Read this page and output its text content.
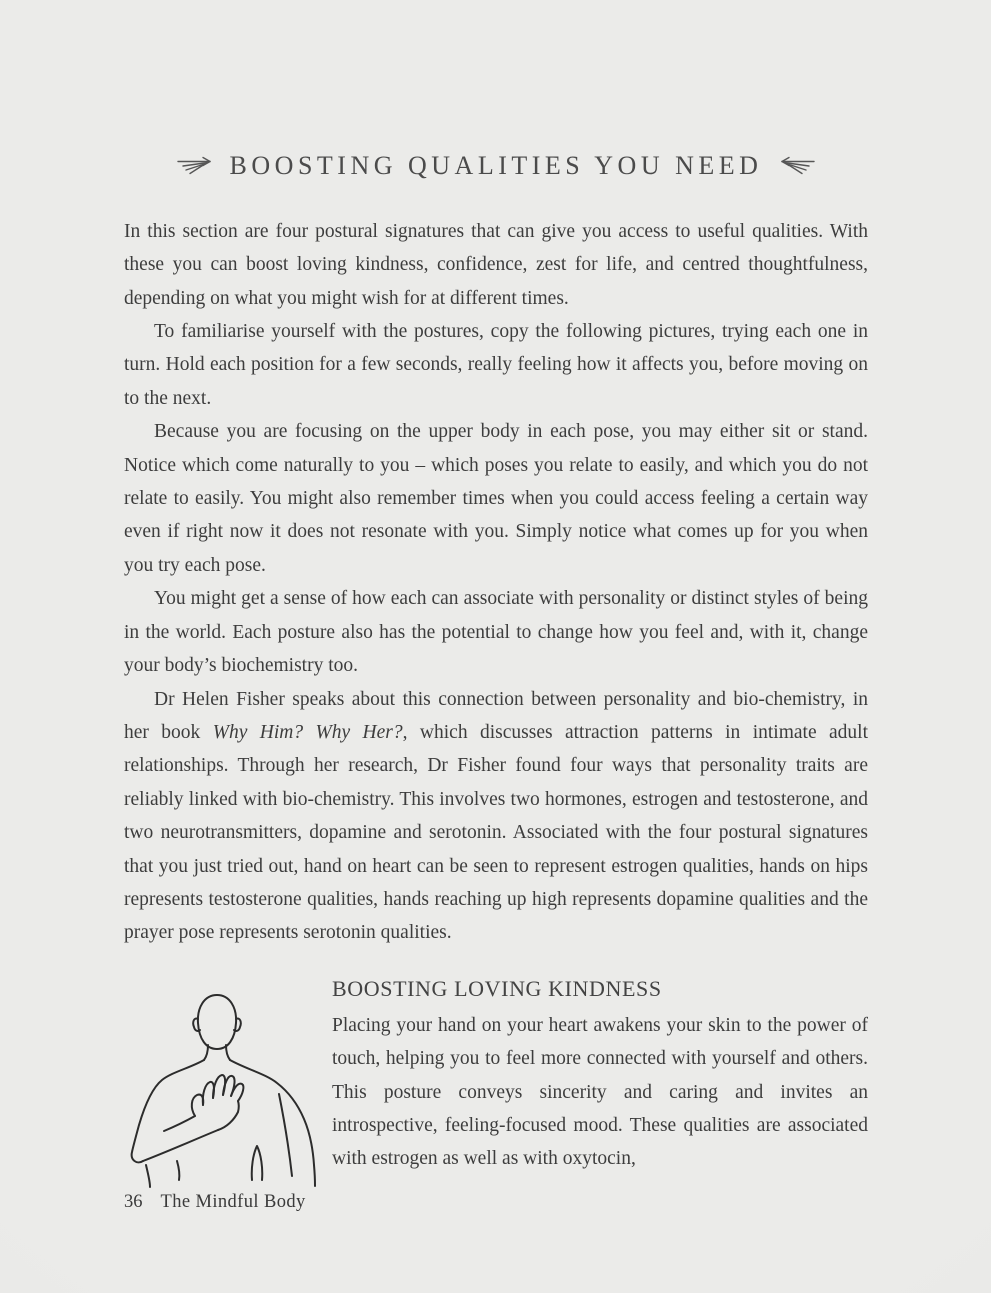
BOOSTING QUALITIES YOU NEED

In this section are four postural signatures that can give you access to useful qualities. With these you can boost loving kindness, confidence, zest for life, and centred thoughtfulness, depending on what you might wish for at different times.

To familiarise yourself with the postures, copy the following pictures, trying each one in turn. Hold each position for a few seconds, really feeling how it affects you, before moving on to the next.

Because you are focusing on the upper body in each pose, you may either sit or stand. Notice which come naturally to you – which poses you relate to easily, and which you do not relate to easily. You might also remember times when you could access feeling a certain way even if right now it does not resonate with you. Simply notice what comes up for you when you try each pose.

You might get a sense of how each can associate with personality or distinct styles of being in the world. Each posture also has the potential to change how you feel and, with it, change your body’s biochemistry too.

Dr Helen Fisher speaks about this connection between personality and bio-chemistry, in her book Why Him? Why Her?, which discusses attraction patterns in intimate adult relationships. Through her research, Dr Fisher found four ways that personality traits are reliably linked with bio-chemistry. This involves two hormones, estrogen and testosterone, and two neurotransmitters, dopamine and serotonin. Associated with the four postural signatures that you just tried out, hand on heart can be seen to represent estrogen qualities, hands on hips represents testosterone qualities, hands reaching up high represents dopamine qualities and the prayer pose represents serotonin qualities.

BOOSTING LOVING KINDNESS

Placing your hand on your heart awakens your skin to the power of touch, helping you to feel more connected with yourself and others. This posture conveys sincerity and caring and invites an introspective, feeling-focused mood. These qualities are associated with estrogen as well as with oxytocin,

36 The Mindful Body
